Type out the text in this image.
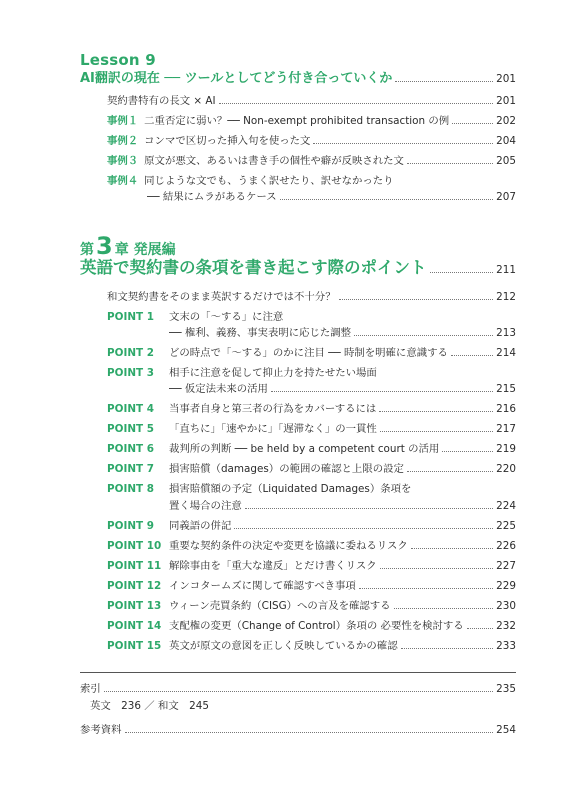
Lesson 9
AI翻訳の現在 ── ツールとしてどう付き合っていくか	201
契約書特有の長文 × AI	201
事例１ 二重否定に弱い？── Non-exempt prohibited transaction の例	202
事例２ コンマで区切った挿入句を使った文	204
事例３ 原文が悪文、あるいは書き手の個性や癖が反映された文	205
事例４ 同じような文でも、うまく訳せたり、訳せなかったり
── 結果にムラがあるケース	207
第3 章 発展編
英語で契約書の条項を書き起こす際のポイント	211
和文契約書をそのまま英訳するだけでは不十分？	212
POINT 1	文末の「～する」に注意
── 権利、義務、事実表明に応じた調整	213
POINT 2	どの時点で「～する」のかに注目 ── 時制を明確に意識する	214
POINT 3	相手に注意を促して抑止力を持たせたい場面
── 仮定法未来の活用	215
POINT 4	当事者自身と第三者の行為をカバーするには	216
POINT 5	「直ちに」「速やかに」「遅滞なく」の一貫性	217
POINT 6	裁判所の判断 ── be held by a competent court の活用	219
POINT 7	損害賠償（damages）の範囲の確認と上限の設定	220
POINT 8	損害賠償額の予定（Liquidated Damages）条項を
置く場合の注意	224
POINT 9	同義語の併記	225
POINT 10 重要な契約条件の決定や変更を協議に委ねるリスク	226
POINT 11 解除事由を「重大な違反」とだけ書くリスク	227
POINT 12 インコタームズに関して確認すべき事項	229
POINT 13 ウィーン売買条約（CISG）への言及を確認する	230
POINT 14 支配権の変更（Change of Control）条項の 必要性を検討する	232
POINT 15 英文が原文の意図を正しく反映しているかの確認	233
索引	235
英文　236 ／ 和文　245
参考資料	254
